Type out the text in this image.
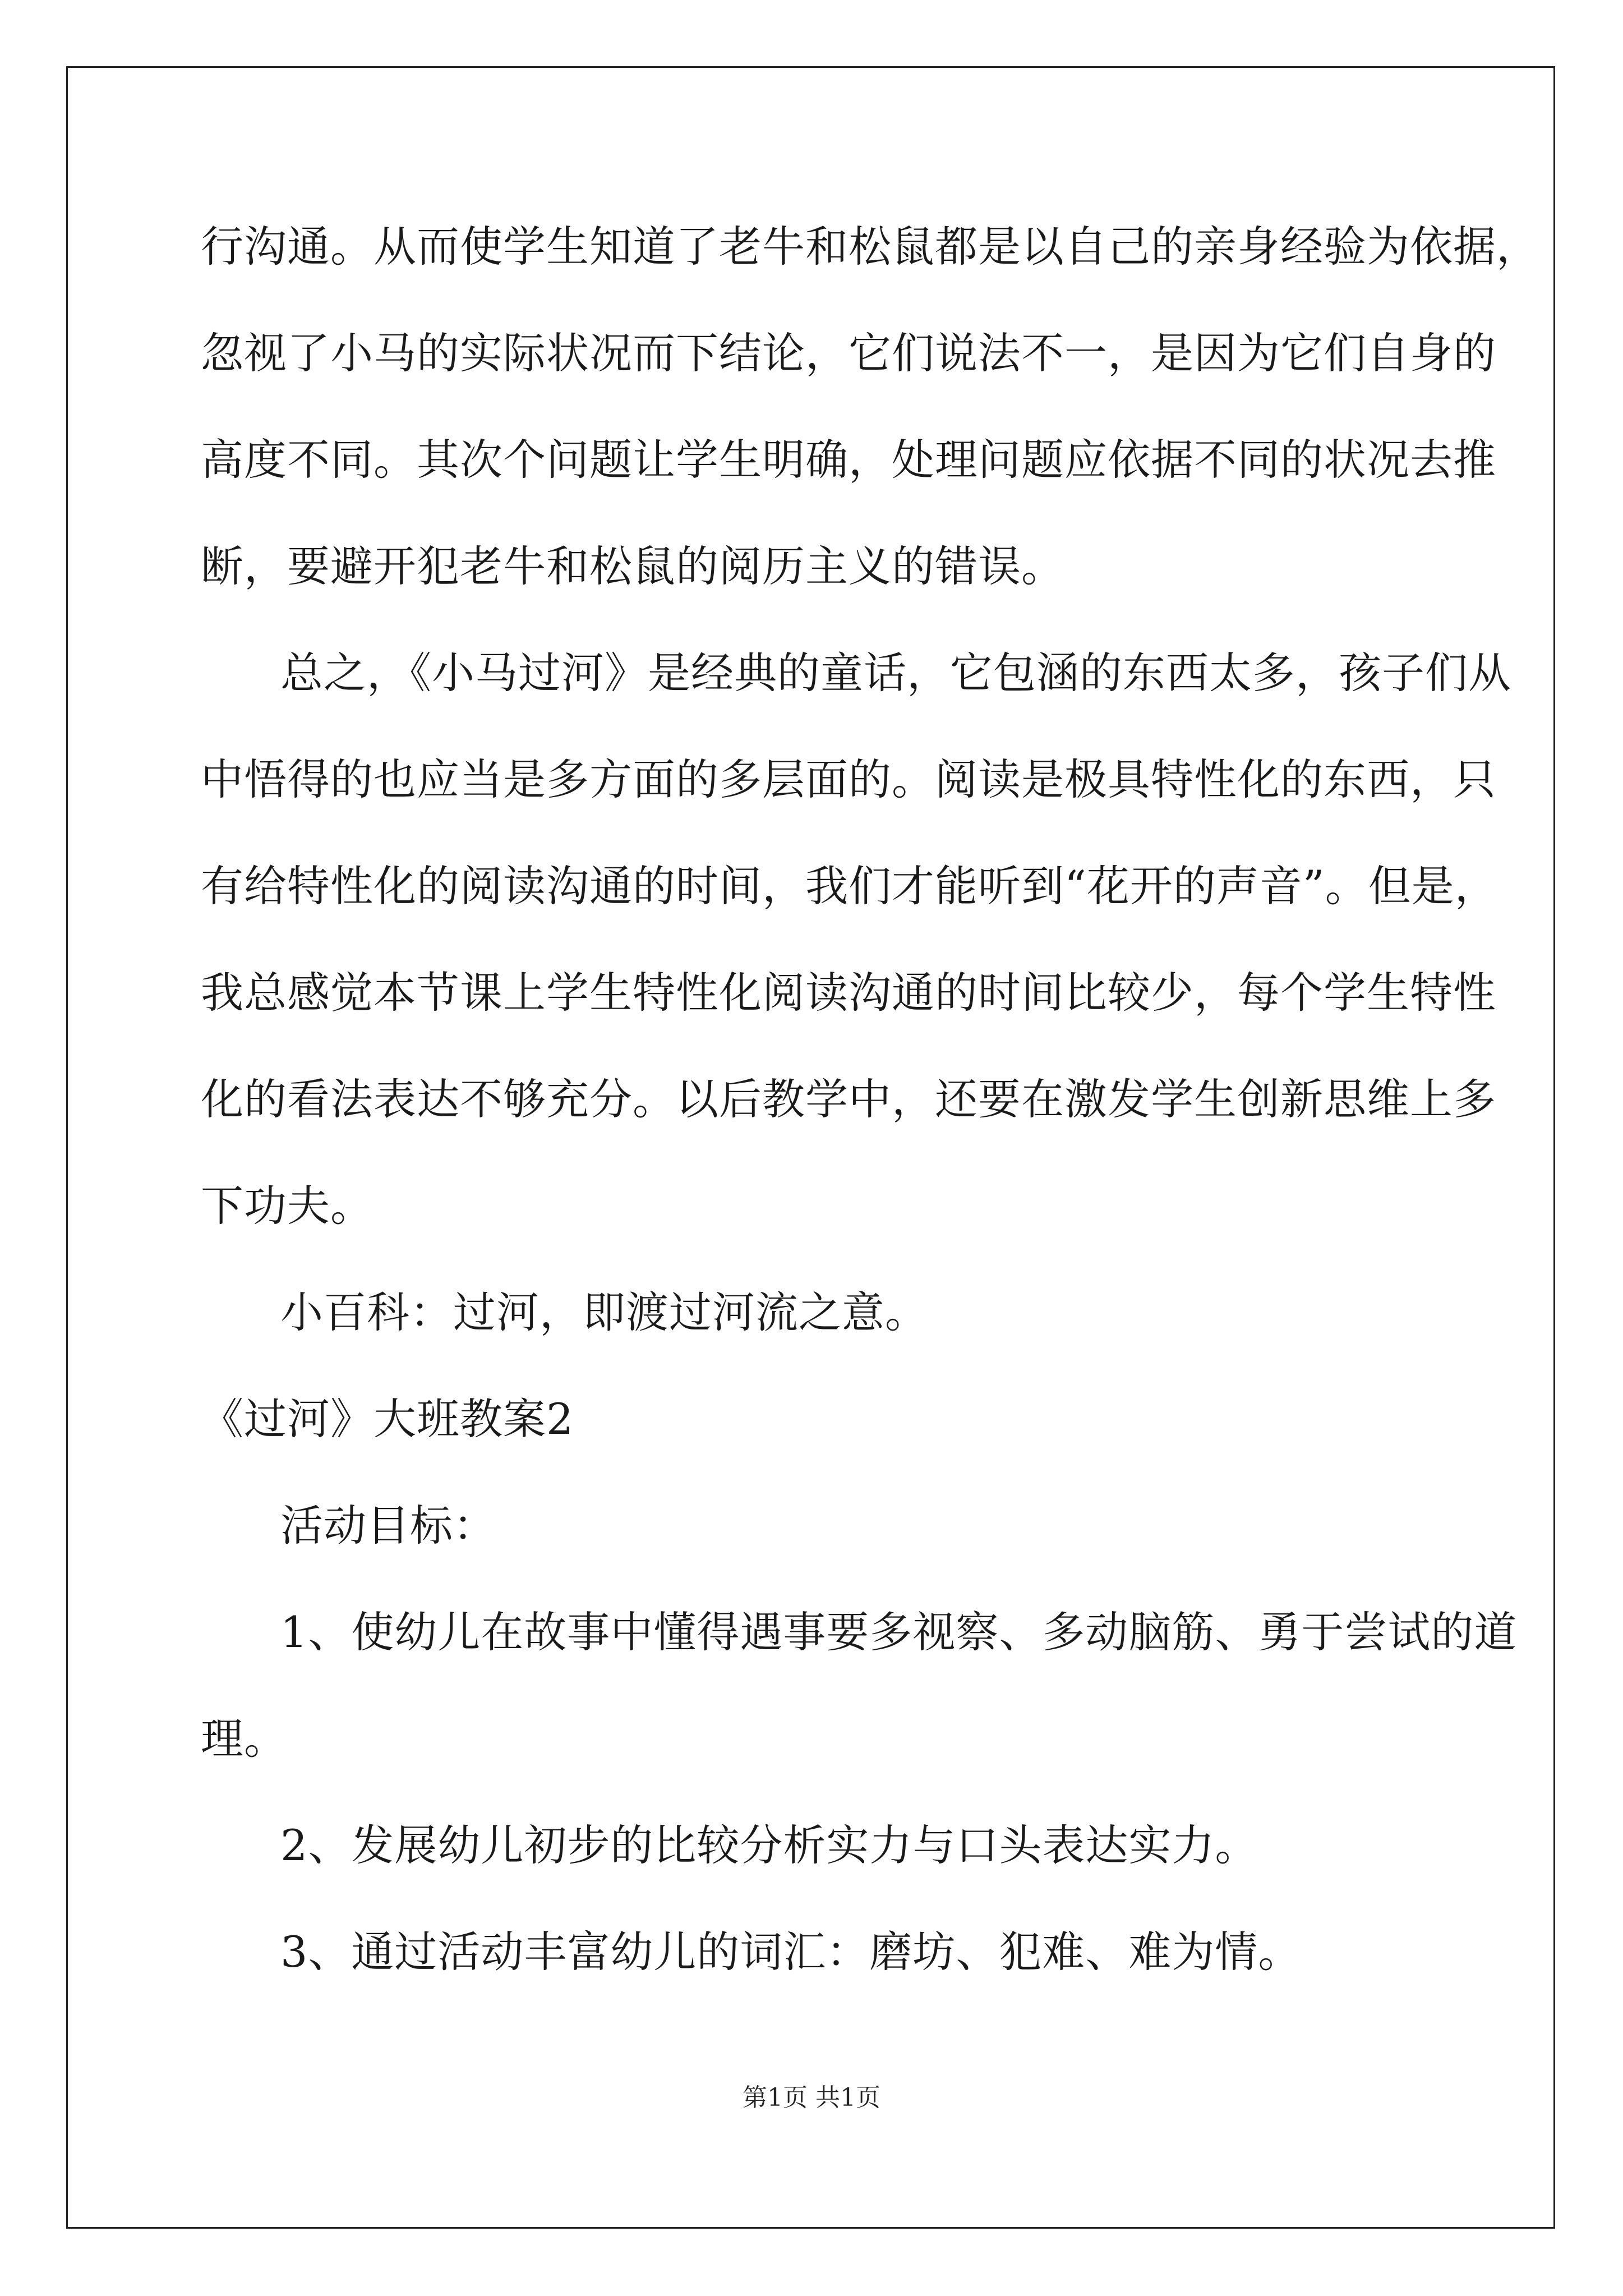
行沟通。从而使学生知道了老牛和松鼠都是以自己的亲身经验为依据，
忽视了小马的实际状况而下结论，它们说法不一，是因为它们自身的
高度不同。其次个问题让学生明确，处理问题应依据不同的状况去推
断，要避开犯老牛和松鼠的阅历主义的错误。
总之，《小马过河》是经典的童话，它包涵的东西太多，孩子们从
中悟得的也应当是多方面的多层面的。阅读是极具特性化的东西，只
有给特性化的阅读沟通的时间，我们才能听到“花开的声音”。但是，
我总感觉本节课上学生特性化阅读沟通的时间比较少，每个学生特性
化的看法表达不够充分。以后教学中，还要在激发学生创新思维上多
下功夫。
小百科：过河，即渡过河流之意。
《过河》大班教案2
活动目标：
1、使幼儿在故事中懂得遇事要多视察、多动脑筋、勇于尝试的道
理。
2、发展幼儿初步的比较分析实力与口头表达实力。
3、通过活动丰富幼儿的词汇：磨坊、犯难、难为情。
第1页 共1页
